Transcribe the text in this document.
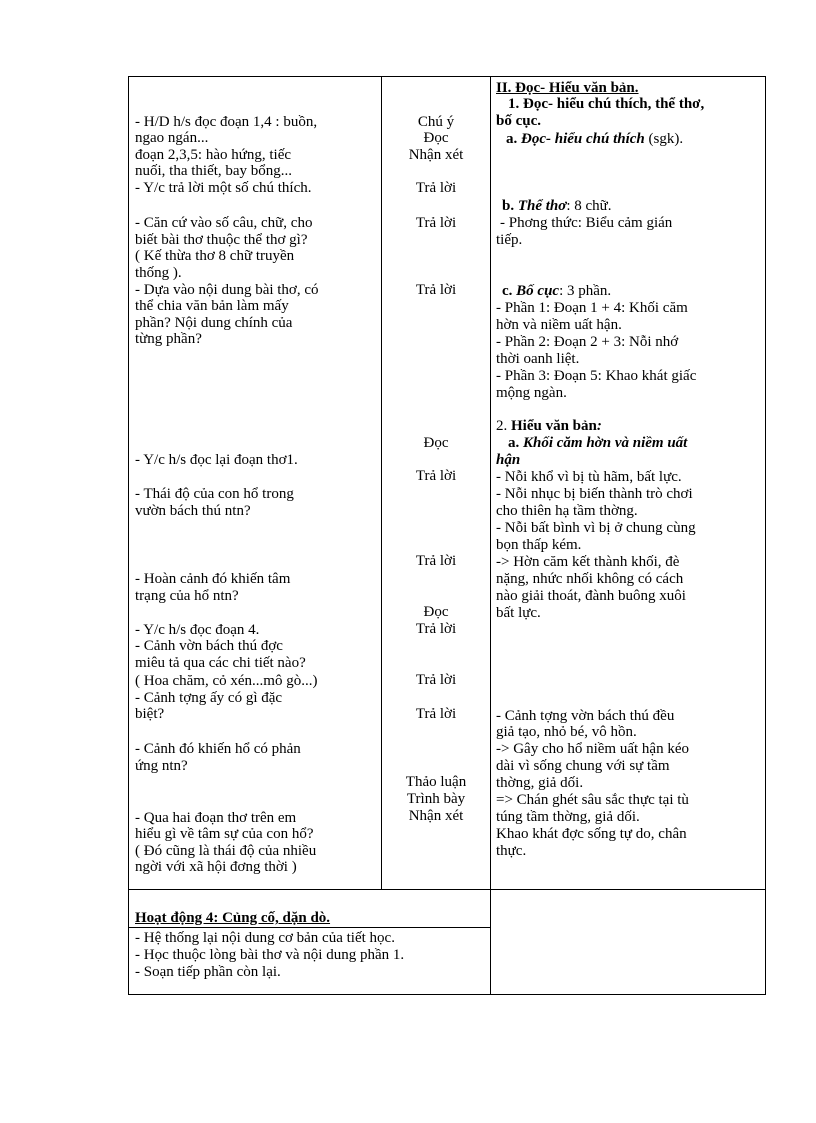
- H/D h/s đọc đoạn 1,4 : buồn,

ngao ngán...

đoạn 2,3,5: hào hứng, tiếc

nuối, tha thiết, bay bổng...

- Y/c trả lời một số chú thích.

- Căn cứ vào số câu, chữ, cho

biết bài thơ thuộc thể thơ gì?

( Kế thừa thơ 8 chữ truyền

thống ).

- Dựa vào nội dung bài thơ, có

thể chia văn bản làm mấy

phần? Nội dung chính của

từng phần?

- Y/c h/s đọc lại đoạn thơ1.

- Thái độ của con hổ trong

vườn bách thú ntn?

- Hoàn cảnh đó khiến tâm

trạng của hổ ntn?

- Y/c h/s đọc đoạn 4.

- Cảnh vờn bách thú đợc

miêu tả qua các chi tiết nào?

( Hoa chăm, cỏ xén...mô gò...)

- Cảnh tợng ấy có gì đặc

biệt?

- Cảnh đó khiến hổ có phản

ứng ntn?

- Qua hai đoạn thơ trên em

hiểu gì về tâm sự của con hổ?

( Đó cũng là thái độ của nhiều

ngời với xã hội đơng thời )

Chú ý

Đọc

Nhận xét

Trả lời

Trả lời

Trả lời

Đọc

Trả lời

Trả lời

Đọc

Trả lời

Trả lời

Trả lời

Thảo luận

Trình bày

Nhận xét

II. Đọc- Hiểu văn bản.

1. Đọc- hiểu chú thích, thể thơ,

bố cục.

a. Đọc- hiểu chú thích (sgk).

b. Thể thơ: 8 chữ.

- Phơng thức: Biểu cảm gián

tiếp.

c. Bố cục: 3 phần.

- Phần 1: Đoạn 1 + 4: Khối căm

hờn và niềm uất hận.

- Phần 2: Đoạn 2 + 3: Nỗi nhớ

thời oanh liệt.

- Phần 3: Đoạn 5: Khao khát giấc

mộng ngàn.

2. Hiểu văn bản:

a. Khối căm hờn và niềm uất

hận

- Nỗi khổ vì bị tù hãm, bất lực.

- Nỗi nhục bị biến thành trò chơi

cho thiên hạ tầm thờng.

- Nỗi bất bình vì bị ở chung cùng

bọn thấp kém.

-> Hờn căm kết thành khối, đè

nặng, nhức nhối không có cách

nào giải thoát, đành buông xuôi

bất lực.

- Cảnh tợng vờn bách thú đều

giả tạo, nhỏ bé, vô hồn.

-> Gây cho hổ niềm uất hận kéo

dài vì sống chung với sự tầm

thờng, giả dối.

=> Chán ghét sâu sắc thực tại tù

túng tầm thờng, giả dối.

Khao khát đợc sống tự do, chân

thực.

Hoạt động 4: Củng cố, dặn dò.

- Hệ thống lại nội dung cơ bản của tiết học.

- Học thuộc lòng bài thơ và nội dung phần 1.

- Soạn tiếp phần còn lại.
